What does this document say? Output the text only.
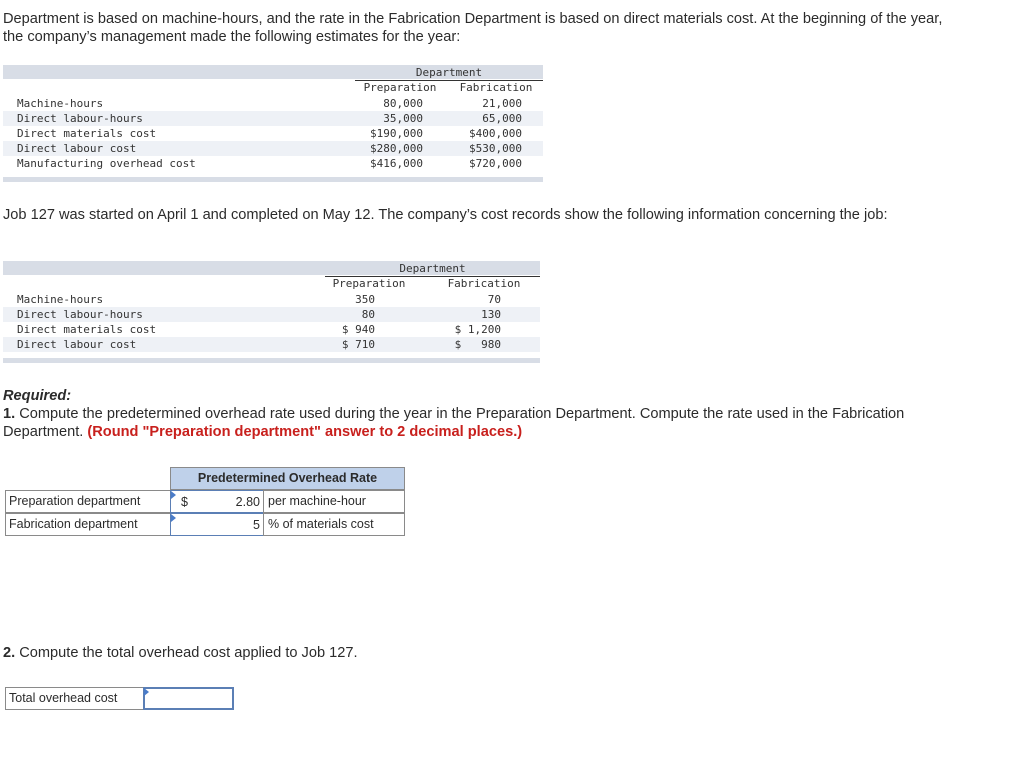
Department is based on machine-hours, and the rate in the Fabrication Department is based on direct materials cost. At the beginning of the year, the company’s management made the following estimates for the year:

Department
Preparation	Fabrication
Machine-hours	80,000	21,000
Direct labour-hours	35,000	65,000
Direct materials cost	$190,000	$400,000
Direct labour cost	$280,000	$530,000
Manufacturing overhead cost	$416,000	$720,000

Job 127 was started on April 1 and completed on May 12. The company’s cost records show the following information concerning the job:

Department
Preparation	Fabrication
Machine-hours	350	70
Direct labour-hours	80	130
Direct materials cost	$ 940	$ 1,200
Direct labour cost	$ 710	$   980
Required:
1. Compute the predetermined overhead rate used during the year in the Preparation Department. Compute the rate used in the Fabrication Department. (Round "Preparation department" answer to 2 decimal places.)
Predetermined Overhead Rate
Preparation department	$	2.80 per machine-hour
Fabrication department	5 % of materials cost
2. Compute the total overhead cost applied to Job 127.
Total overhead cost
